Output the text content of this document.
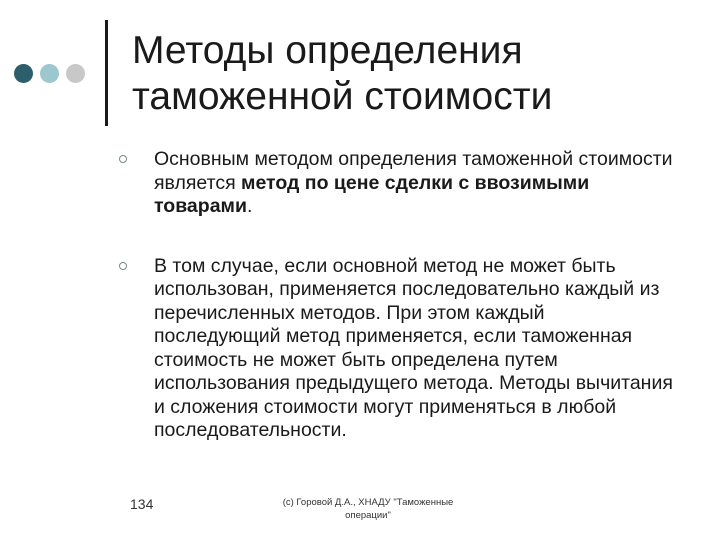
Методы определения
таможенной стоимости
Основным методом определения таможенной стоимости является метод по цене сделки с ввозимыми товарами.
В том случае, если основной метод не может быть использован, применяется последовательно каждый из перечисленных методов. При этом каждый последующий метод применяется, если таможенная стоимость не может быть определена путем использования предыдущего метода. Методы вычитания и сложения стоимости могут применяться в любой последовательности.
134	(с) Горовой Д.А., ХНАДУ "Таможенные
операции"
